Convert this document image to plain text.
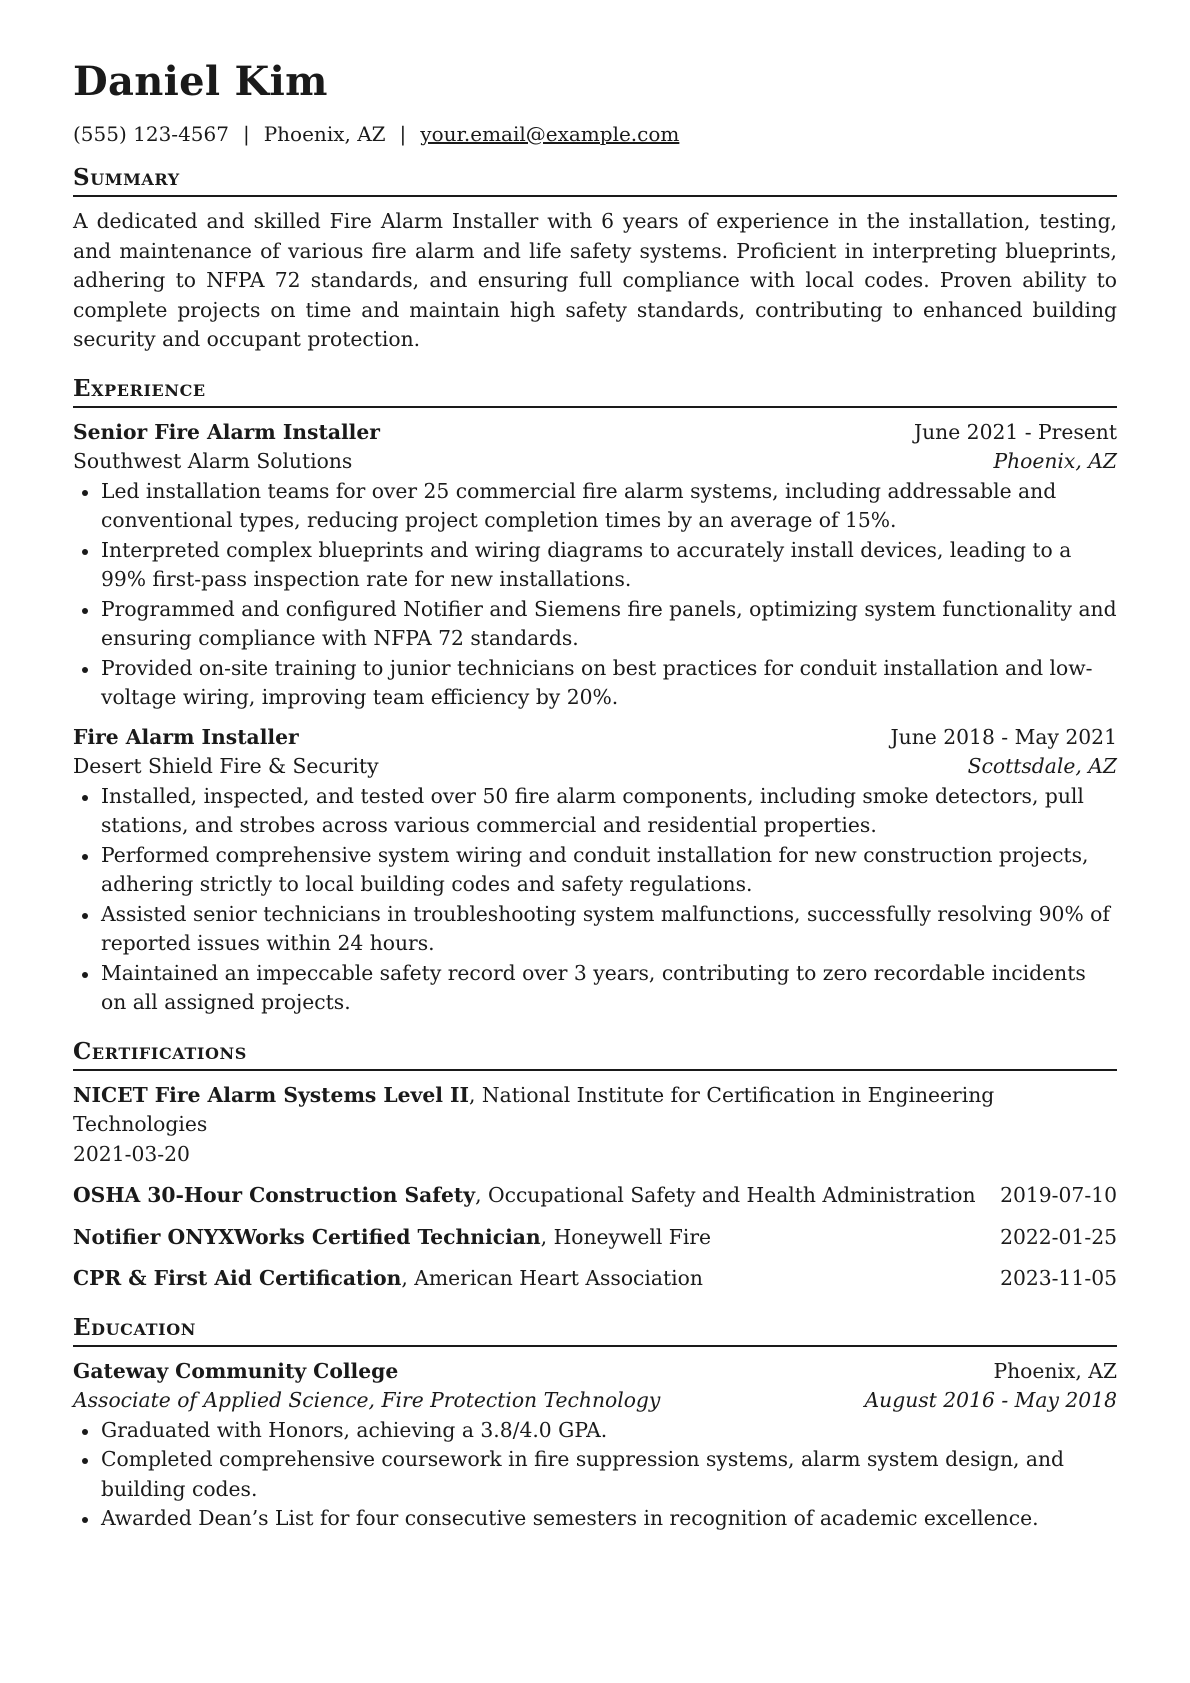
Daniel Kim
(555) 123-4567 | Phoenix, AZ | your.email@example.com
Summary

A dedicated and skilled Fire Alarm Installer with 6 years of experience in the installation, testing, and maintenance of various fire alarm and life safety systems. Proficient in interpreting blueprints, adhering to NFPA 72 standards, and ensuring full compliance with local codes. Proven ability to complete projects on time and maintain high safety standards, contributing to enhanced building security and occupant protection.

Experience
Senior Fire Alarm Installer	June 2021 - Present
Southwest Alarm Solutions	Phoenix, AZ
Led installation teams for over 25 commercial fire alarm systems, including addressable and conventional types, reducing project completion times by an average of 15%.
Interpreted complex blueprints and wiring diagrams to accurately install devices, leading to a 99% first-pass inspection rate for new installations.
Programmed and configured Notifier and Siemens fire panels, optimizing system functionality and ensuring compliance with NFPA 72 standards.
Provided on-site training to junior technicians on best practices for conduit installation and low-voltage wiring, improving team efficiency by 20%.
Fire Alarm Installer	June 2018 - May 2021
Desert Shield Fire & Security	Scottsdale, AZ
Installed, inspected, and tested over 50 fire alarm components, including smoke detectors, pull stations, and strobes across various commercial and residential properties.
Performed comprehensive system wiring and conduit installation for new construction projects, adhering strictly to local building codes and safety regulations.
Assisted senior technicians in troubleshooting system malfunctions, successfully resolving 90% of reported issues within 24 hours.
Maintained an impeccable safety record over 3 years, contributing to zero recordable incidents on all assigned projects.
Certifications
NICET Fire Alarm Systems Level II, National Institute for Certification in Engineering Technologies
2021-03-20
OSHA 30-Hour Construction Safety, Occupational Safety and Health Administration 2019-07-10
Notifier ONYXWorks Certified Technician, Honeywell Fire	2022-01-25
CPR & First Aid Certification, American Heart Association	2023-11-05
Education
Gateway Community College	Phoenix, AZ
Associate of Applied Science, Fire Protection Technology	August 2016 - May 2018
Graduated with Honors, achieving a 3.8/4.0 GPA.
Completed comprehensive coursework in fire suppression systems, alarm system design, and building codes.
Awarded Dean’s List for four consecutive semesters in recognition of academic excellence.
